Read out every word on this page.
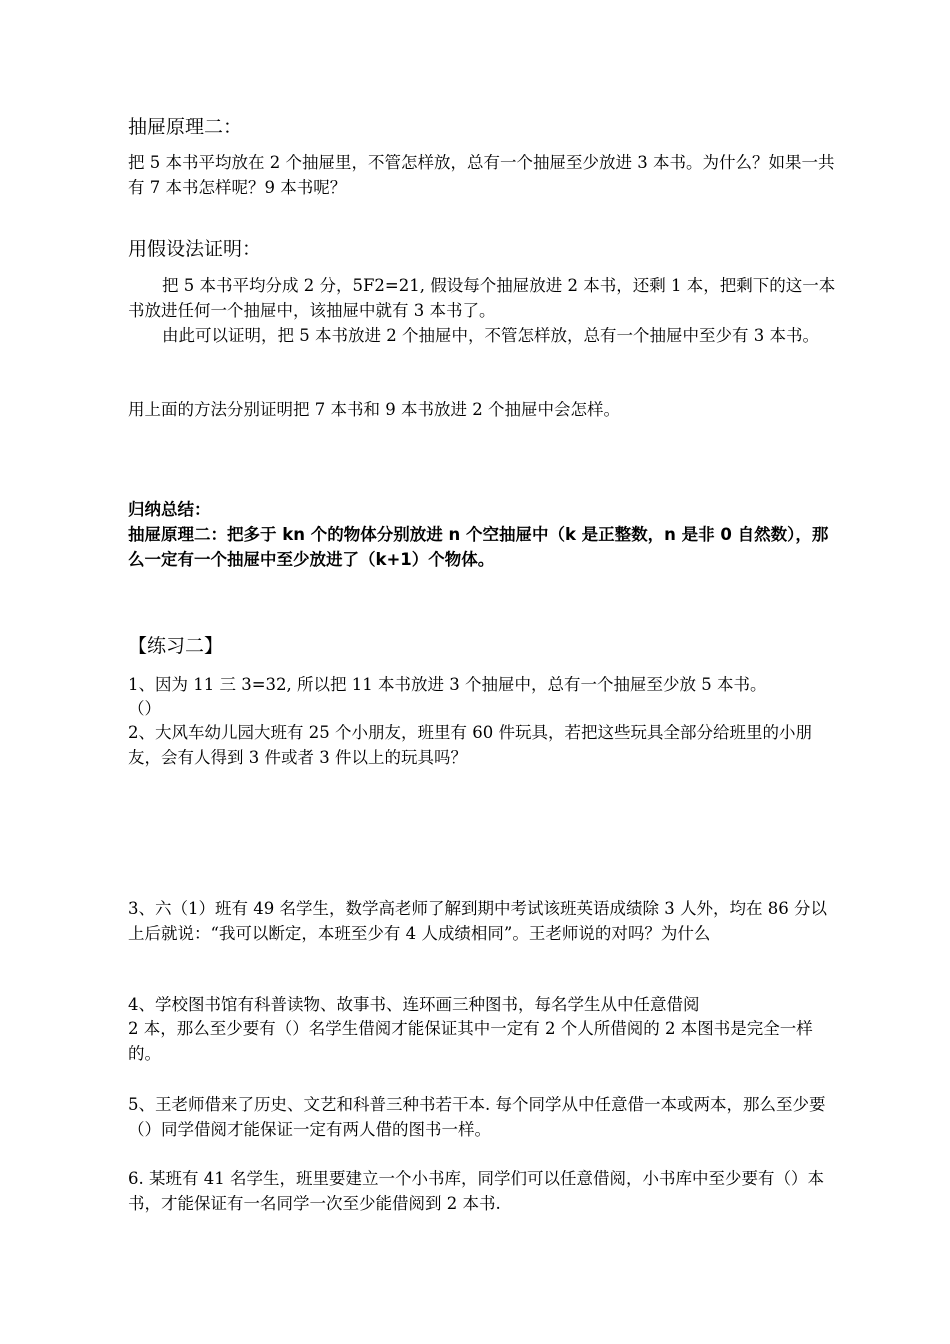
抽屉原理二：

把 5 本书平均放在 2 个抽屉里，不管怎样放，总有一个抽屉至少放进 3 本书。为什么？如果一共有 7 本书怎样呢？9 本书呢？

用假设法证明：

把 5 本书平均分成 2 分，5F2=21, 假设每个抽屉放进 2 本书，还剩 1 本，把剩下的这一本书放进任何一个抽屉中，该抽屉中就有 3 本书了。

由此可以证明，把 5 本书放进 2 个抽屉中，不管怎样放，总有一个抽屉中至少有 3 本书。

用上面的方法分别证明把 7 本书和 9 本书放进 2 个抽屉中会怎样。

归纳总结：

抽屉原理二：把多于 kn 个的物体分别放进 n 个空抽屉中（k 是正整数，n 是非 0 自然数），那么一定有一个抽屉中至少放进了（k+1）个物体。

【练习二】

1、因为 11 三 3=32, 所以把 11 本书放进 3 个抽屉中，总有一个抽屉至少放 5 本书。

（）

2、大风车幼儿园大班有 25 个小朋友，班里有 60 件玩具，若把这些玩具全部分给班里的小朋友，会有人得到 3 件或者 3 件以上的玩具吗？

3、六（1）班有 49 名学生，数学高老师了解到期中考试该班英语成绩除 3 人外，均在 86 分以上后就说：“我可以断定，本班至少有 4 人成绩相同”。王老师说的对吗？为什么

4、学校图书馆有科普读物、故事书、连环画三种图书，每名学生从中任意借阅

2 本，那么至少要有（）名学生借阅才能保证其中一定有 2 个人所借阅的 2 本图书是完全一样的。

5、王老师借来了历史、文艺和科普三种书若干本. 每个同学从中任意借一本或两本，那么至少要（）同学借阅才能保证一定有两人借的图书一样。

6. 某班有 41 名学生，班里要建立一个小书库，同学们可以任意借阅，小书库中至少要有（）本书，才能保证有一名同学一次至少能借阅到 2 本书.
